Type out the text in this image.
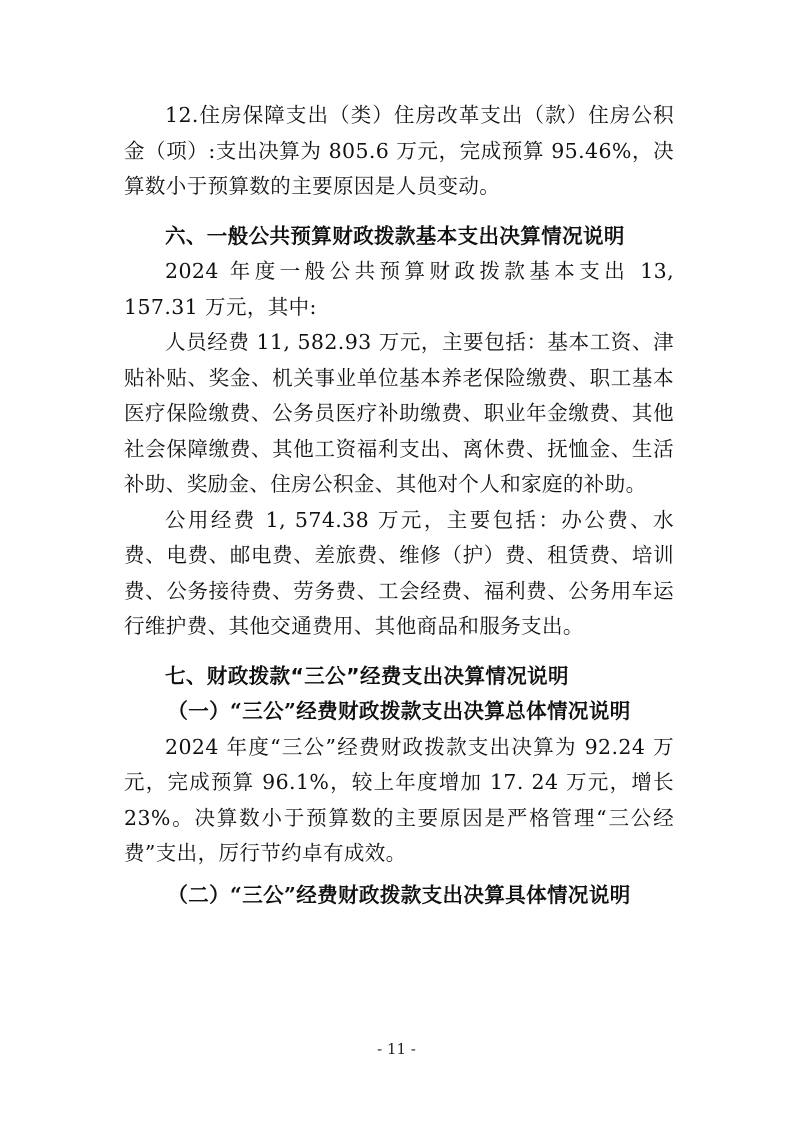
12.住房保障支出（类）住房改革支出（款）住房公积金（项）:支出决算为 805.6 万元，完成预算 95.46%，决算数小于预算数的主要原因是人员变动。

六、一般公共预算财政拨款基本支出决算情况说明

2024 年度一般公共预算财政拨款基本支出 13, 157.31 万元，其中:

人员经费 11, 582.93 万元，主要包括：基本工资、津贴补贴、奖金、机关事业单位基本养老保险缴费、职工基本医疗保险缴费、公务员医疗补助缴费、职业年金缴费、其他社会保障缴费、其他工资福利支出、离休费、抚恤金、生活补助、奖励金、住房公积金、其他对个人和家庭的补助。

公用经费 1, 574.38 万元，主要包括：办公费、水费、电费、邮电费、差旅费、维修（护）费、租赁费、培训费、公务接待费、劳务费、工会经费、福利费、公务用车运行维护费、其他交通费用、其他商品和服务支出。

七、财政拨款“三公”经费支出决算情况说明

（一）“三公”经费财政拨款支出决算总体情况说明

2024 年度“三公”经费财政拨款支出决算为 92.24 万元，完成预算 96.1%，较上年度增加 17. 24 万元，增长 23%。决算数小于预算数的主要原因是严格管理“三公经费”支出，厉行节约卓有成效。

（二）“三公”经费财政拨款支出决算具体情况说明

- 11 -
